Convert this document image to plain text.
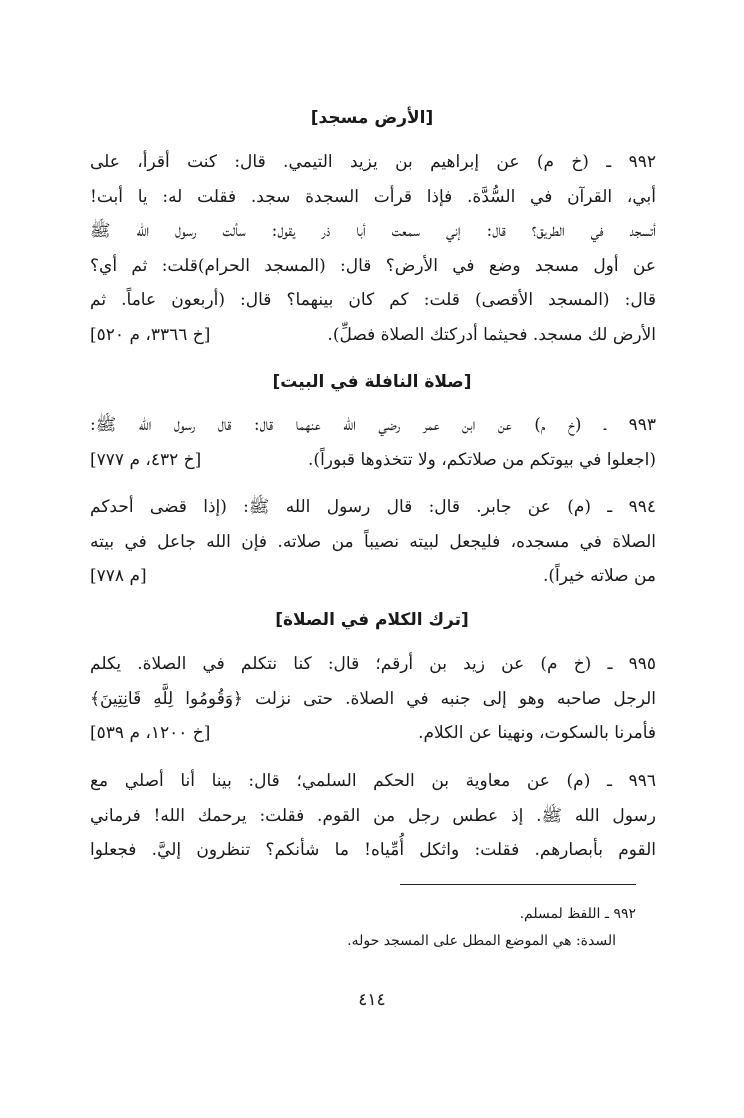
[الأرض مسجد]
٩٩٢ ـ (خ م) عن إبراهيم بن يزيد التيمي. قال: كنت أقرأ، على
أبي، القرآن في السُّدَّة. فإذا قرأت السجدة سجد. فقلت له: يا أبت!
أتسجد في الطريق؟ قال: إني سمعت أبا ذر يقول: سألت رسول الله ﷺ
عن أول مسجد وضع في الأرض؟ قال: (المسجد الحرام)قلت: ثم أي؟
قال: (المسجد الأقصى) قلت: كم كان بينهما؟ قال: (أربعون عاماً. ثم
الأرض لك مسجد. فحيثما أدركتك الصلاة فصلِّ).
[خ ٣٣٦٦، م ٥٢٠]
[صلاة النافلة في البيت]
٩٩٣ ـ (خ م) عن ابن عمر رضي الله عنهما قال: قال رسول الله ﷺ:
(اجعلوا في بيوتكم من صلاتكم، ولا تتخذوها قبوراً).
[خ ٤٣٢، م ٧٧٧]
٩٩٤ ـ (م) عن جابر. قال: قال رسول الله ﷺ: (إذا قضى أحدكم
الصلاة في مسجده، فليجعل لبيته نصيباً من صلاته. فإن الله جاعل في بيته
من صلاته خيراً).
[م ٧٧٨]
[ترك الكلام في الصلاة]
٩٩٥ ـ (خ م) عن زيد بن أرقم؛ قال: كنا نتكلم في الصلاة. يكلم
الرجل صاحبه وهو إلى جنبه في الصلاة. حتى نزلت ﴿وَقُومُوا لِلَّهِ قَانِتِينَ﴾
فأمرنا بالسكوت، ونهينا عن الكلام.
[خ ١٢٠٠، م ٥٣٩]
٩٩٦ ـ (م) عن معاوية بن الحكم السلمي؛ قال: بينا أنا أصلي مع
رسول الله ﷺ. إذ عطس رجل من القوم. فقلت: يرحمك الله! فرماني
القوم بأبصارهم. فقلت: واثكل أُمِّياه! ما شأنكم؟ تنظرون إليَّ. فجعلوا
٩٩٢ ـ اللفظ لمسلم.
السدة: هي الموضع المطل على المسجد حوله.
٤١٤
